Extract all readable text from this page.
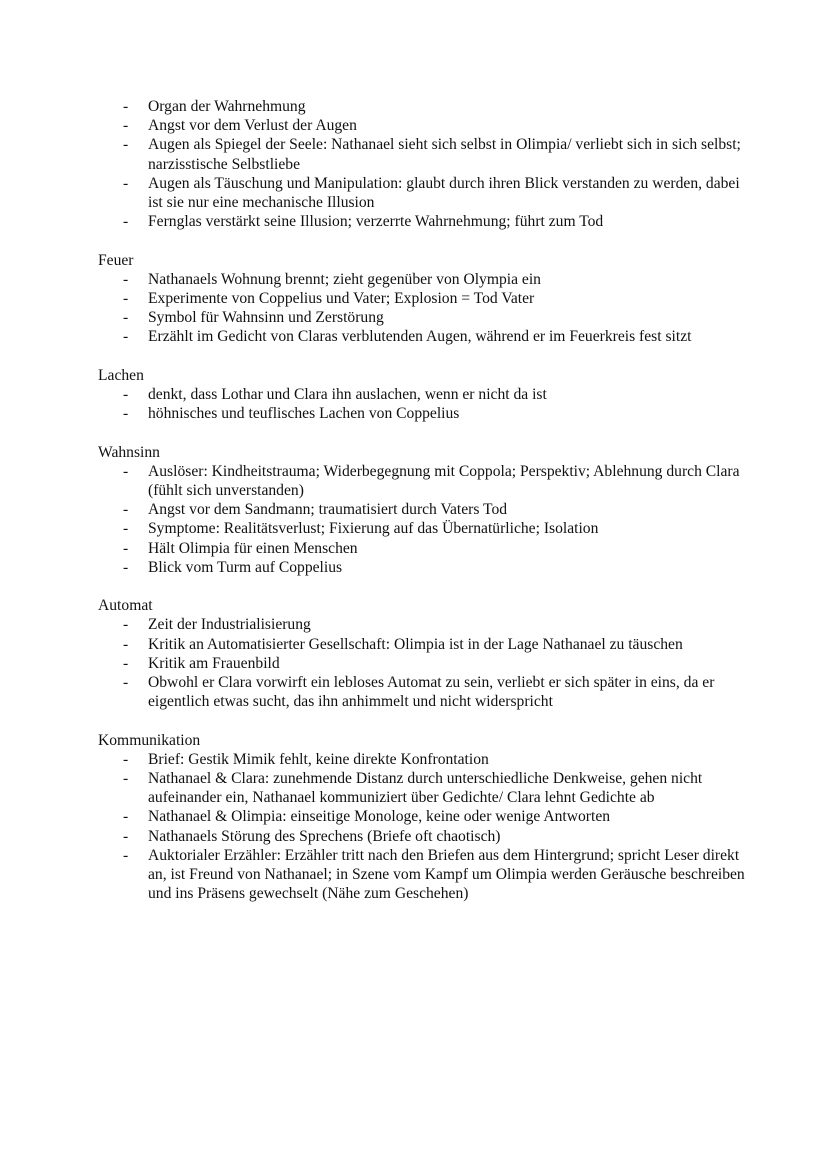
- Organ der Wahrnehmung
- Angst vor dem Verlust der Augen
- Augen als Spiegel der Seele: Nathanael sieht sich selbst in Olimpia/ verliebt sich in sich selbst; narzisstische Selbstliebe
- Augen als Täuschung und Manipulation: glaubt durch ihren Blick verstanden zu werden, dabei ist sie nur eine mechanische Illusion
- Fernglas verstärkt seine Illusion; verzerrte Wahrnehmung; führt zum Tod
Feuer
- Nathanaels Wohnung brennt; zieht gegenüber von Olympia ein
- Experimente von Coppelius und Vater; Explosion = Tod Vater
- Symbol für Wahnsinn und Zerstörung
- Erzählt im Gedicht von Claras verblutenden Augen, während er im Feuerkreis fest sitzt
Lachen
- denkt, dass Lothar und Clara ihn auslachen, wenn er nicht da ist
- höhnisches und teuflisches Lachen von Coppelius
Wahnsinn
- Auslöser: Kindheitstrauma; Widerbegegnung mit Coppola; Perspektiv; Ablehnung durch Clara (fühlt sich unverstanden)
- Angst vor dem Sandmann; traumatisiert durch Vaters Tod
- Symptome: Realitätsverlust; Fixierung auf das Übernatürliche; Isolation
- Hält Olimpia für einen Menschen
- Blick vom Turm auf Coppelius
Automat
- Zeit der Industrialisierung
- Kritik an Automatisierter Gesellschaft: Olimpia ist in der Lage Nathanael zu täuschen
- Kritik am Frauenbild
- Obwohl er Clara vorwirft ein lebloses Automat zu sein, verliebt er sich später in eins, da er eigentlich etwas sucht, das ihn anhimmelt und nicht widerspricht
Kommunikation
- Brief: Gestik Mimik fehlt, keine direkte Konfrontation
- Nathanael & Clara: zunehmende Distanz durch unterschiedliche Denkweise, gehen nicht aufeinander ein, Nathanael kommuniziert über Gedichte/ Clara lehnt Gedichte ab
- Nathanael & Olimpia: einseitige Monologe, keine oder wenige Antworten
- Nathanaels Störung des Sprechens (Briefe oft chaotisch)
- Auktorialer Erzähler: Erzähler tritt nach den Briefen aus dem Hintergrund; spricht Leser direkt an, ist Freund von Nathanael; in Szene vom Kampf um Olimpia werden Geräusche beschreiben und ins Präsens gewechselt (Nähe zum Geschehen)
